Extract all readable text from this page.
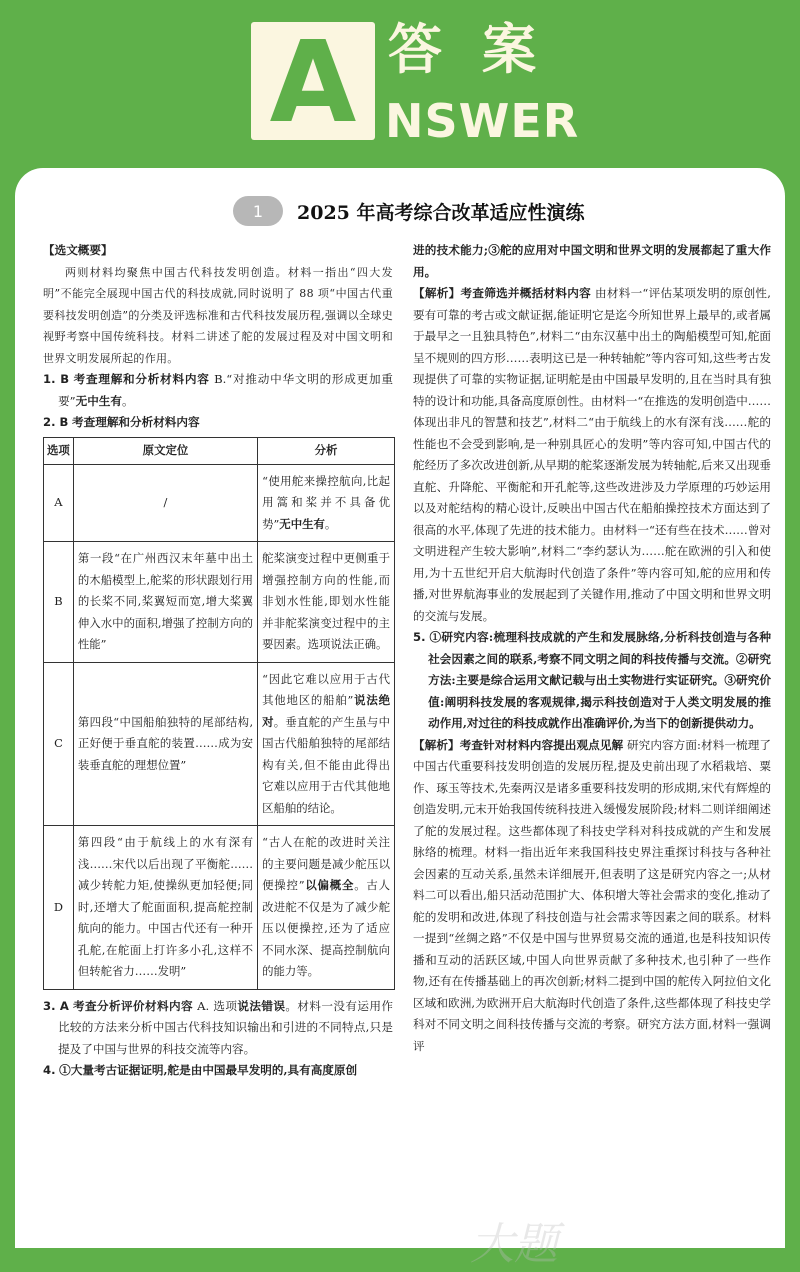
A 答案
NSWER
1	2025 年高考综合改革适应性演练

【选文概要】

两则材料均聚焦中国古代科技发明创造。材料一指出“四大发明”不能完全展现中国古代的科技成就,同时说明了 88 项“中国古代重要科技发明创造”的分类及评选标准和古代科技发展历程,强调以全球史视野考察中国传统科技。材料二讲述了舵的发展过程及对中国文明和世界文明发展所起的作用。

1. B 考查理解和分析材料内容 B.“对推动中华文明的形成更加重要”无中生有。

2. B 考查理解和分析材料内容

选项	原文定位	分析
A	/	“使用舵来操控航向,比起用篙和桨并不具备优势”无中生有。
B	第一段“在广州西汉末年墓中出土的木船模型上,舵桨的形状跟划行用的长桨不同,桨翼短而宽,增大桨翼伸入水中的面积,增强了控制方向的性能”	舵桨演变过程中更侧重于增强控制方向的性能,而非划水性能,即划水性能并非舵桨演变过程中的主要因素。选项说法正确。
C	第四段“中国船舶独特的尾部结构,正好便于垂直舵的装置……成为安装垂直舵的理想位置”	“因此它难以应用于古代其他地区的船舶”说法绝对。垂直舵的产生虽与中国古代船舶独特的尾部结构有关,但不能由此得出它难以应用于古代其他地区船舶的结论。
D	第四段“由于航线上的水有深有浅……宋代以后出现了平衡舵……减少转舵力矩,使操纵更加轻便;同时,还增大了舵面面积,提高舵控制航向的能力。中国古代还有一种开孔舵,在舵面上打许多小孔,这样不但转舵省力……发明”	“古人在舵的改进时关注的主要问题是减少舵压以便操控”以偏概全。古人改进舵不仅是为了减少舵压以便操控,还为了适应不同水深、提高控制航向的能力等。

3. A 考查分析评价材料内容 A. 选项说法错误。材料一没有运用作比较的方法来分析中国古代科技知识输出和引进的不同特点,只是提及了中国与世界的科技交流等内容。

4. ①大量考古证据证明,舵是由中国最早发明的,具有高度原创

进的技术能力;③舵的应用对中国文明和世界文明的发展都起了重大作用。

【解析】考查筛选并概括材料内容 由材料一“评估某项发明的原创性,要有可靠的考古或文献证据,能证明它是迄今所知世界上最早的,或者属于最早之一且独具特色”,材料二“由东汉墓中出土的陶船模型可知,舵面呈不规则的四方形……表明这已是一种转轴舵”等内容可知,这些考古发现提供了可靠的实物证据,证明舵是由中国最早发明的,且在当时具有独特的设计和功能,具备高度原创性。由材料一“在推选的发明创造中……体现出非凡的智慧和技艺”,材料二“由于航线上的水有深有浅……舵的性能也不会受到影响,是一种别具匠心的发明”等内容可知,中国古代的舵经历了多次改进创新,从早期的舵桨逐渐发展为转轴舵,后来又出现垂直舵、升降舵、平衡舵和开孔舵等,这些改进涉及力学原理的巧妙运用以及对舵结构的精心设计,反映出中国古代在船舶操控技术方面达到了很高的水平,体现了先进的技术能力。由材料一“还有些在技术……曾对文明进程产生较大影响”,材料二“李约瑟认为……舵在欧洲的引入和使用,为十五世纪开启大航海时代创造了条件”等内容可知,舵的应用和传播,对世界航海事业的发展起到了关键作用,推动了中国文明和世界文明的交流与发展。

5. ①研究内容:梳理科技成就的产生和发展脉络,分析科技创造与各种社会因素之间的联系,考察不同文明之间的科技传播与交流。②研究方法:主要是综合运用文献记载与出土实物进行实证研究。③研究价值:阐明科技发展的客观规律,揭示科技创造对于人类文明发展的推动作用,对过往的科技成就作出准确评价,为当下的创新提供动力。

【解析】考查针对材料内容提出观点见解 研究内容方面:材料一梳理了中国古代重要科技发明创造的发展历程,提及史前出现了水稻栽培、粟作、琢玉等技术,先秦两汉是诸多重要科技发明的形成期,宋代有辉煌的创造发明,元末开始我国传统科技进入缓慢发展阶段;材料二则详细阐述了舵的发展过程。这些都体现了科技史学科对科技成就的产生和发展脉络的梳理。材料一指出近年来我国科技史界注重探讨科技与各种社会因素的互动关系,虽然未详细展开,但表明了这是研究内容之一;从材料二可以看出,船只活动范围扩大、体积增大等社会需求的变化,推动了舵的发明和改进,体现了科技创造与社会需求等因素之间的联系。材料一提到“丝绸之路”不仅是中国与世界贸易交流的通道,也是科技知识传播和互动的活跃区域,中国人向世界贡献了多种技术,也引种了一些作物,还有在传播基础上的再次创新;材料二提到中国的舵传入阿拉伯文化区域和欧洲,为欧洲开启大航海时代创造了条件,这些都体现了科技史学科对不同文明之间科技传播与交流的考察。研究方法方面,材料一强调评

大题
